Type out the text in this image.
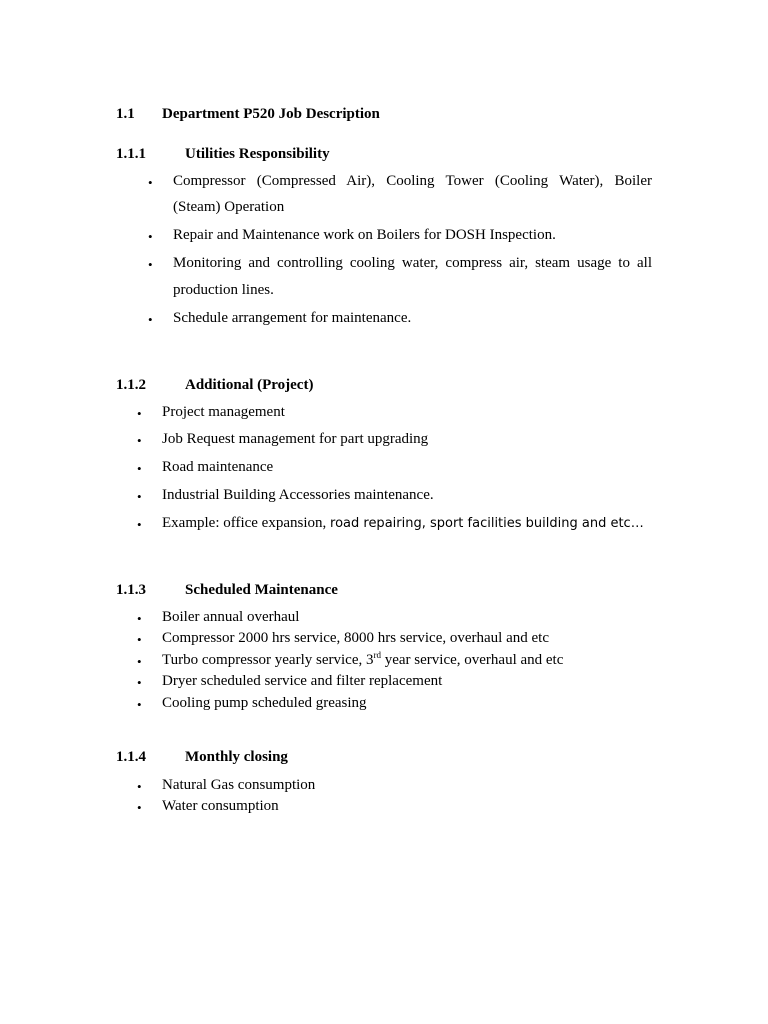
1.1 Department P520 Job Description
1.1.1	Utilities Responsibility
• Compressor (Compressed Air), Cooling Tower (Cooling Water), Boiler
(Steam) Operation
• Repair and Maintenance work on Boilers for DOSH Inspection.
• Monitoring and controlling cooling water, compress air, steam usage to all
production lines.
• Schedule arrangement for maintenance.
1.1.2	Additional (Project)
• Project management
• Job Request management for part upgrading
• Road maintenance
• Industrial Building Accessories maintenance.
• Example: office expansion, road repairing, sport facilities building and etc…
1.1.3	Scheduled Maintenance
• Boiler annual overhaul
• Compressor 2000 hrs service, 8000 hrs service, overhaul and etc
• Turbo compressor yearly service, 3rd year service, overhaul and etc
• Dryer scheduled service and filter replacement
• Cooling pump scheduled greasing
1.1.4	Monthly closing
• Natural Gas consumption
• Water consumption
